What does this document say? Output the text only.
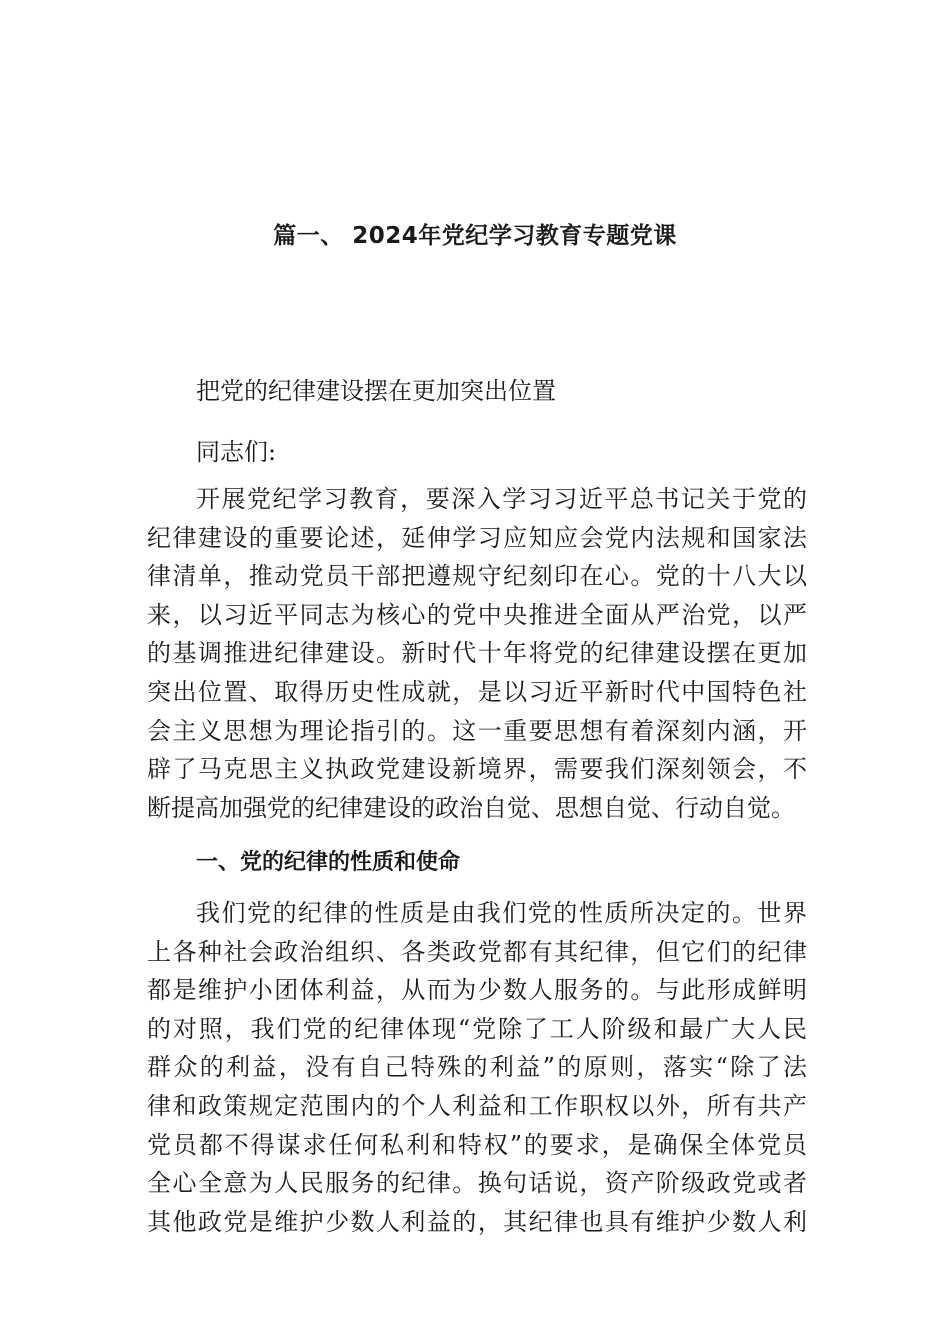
篇一、 2024年党纪学习教育专题党课
把党的纪律建设摆在更加突出位置
同志们:
开展党纪学习教育，要深入学习习近平总书记关于党的
纪律建设的重要论述，延伸学习应知应会党内法规和国家法
律清单，推动党员干部把遵规守纪刻印在心。党的十八大以
来，以习近平同志为核心的党中央推进全面从严治党，以严
的基调推进纪律建设。新时代十年将党的纪律建设摆在更加
突出位置、取得历史性成就，是以习近平新时代中国特色社
会主义思想为理论指引的。这一重要思想有着深刻内涵，开
辟了马克思主义执政党建设新境界，需要我们深刻领会，不
断提高加强党的纪律建设的政治自觉、思想自觉、行动自觉。
一、党的纪律的性质和使命
我们党的纪律的性质是由我们党的性质所决定的。世界
上各种社会政治组织、各类政党都有其纪律，但它们的纪律
都是维护小团体利益，从而为少数人服务的。与此形成鲜明
的对照，我们党的纪律体现“党除了工人阶级和最广大人民
群众的利益，没有自己特殊的利益”的原则，落实“除了法
律和政策规定范围内的个人利益和工作职权以外，所有共产
党员都不得谋求任何私利和特权”的要求，是确保全体党员
全心全意为人民服务的纪律。换句话说，资产阶级政党或者
其他政党是维护少数人利益的，其纪律也具有维护少数人利
